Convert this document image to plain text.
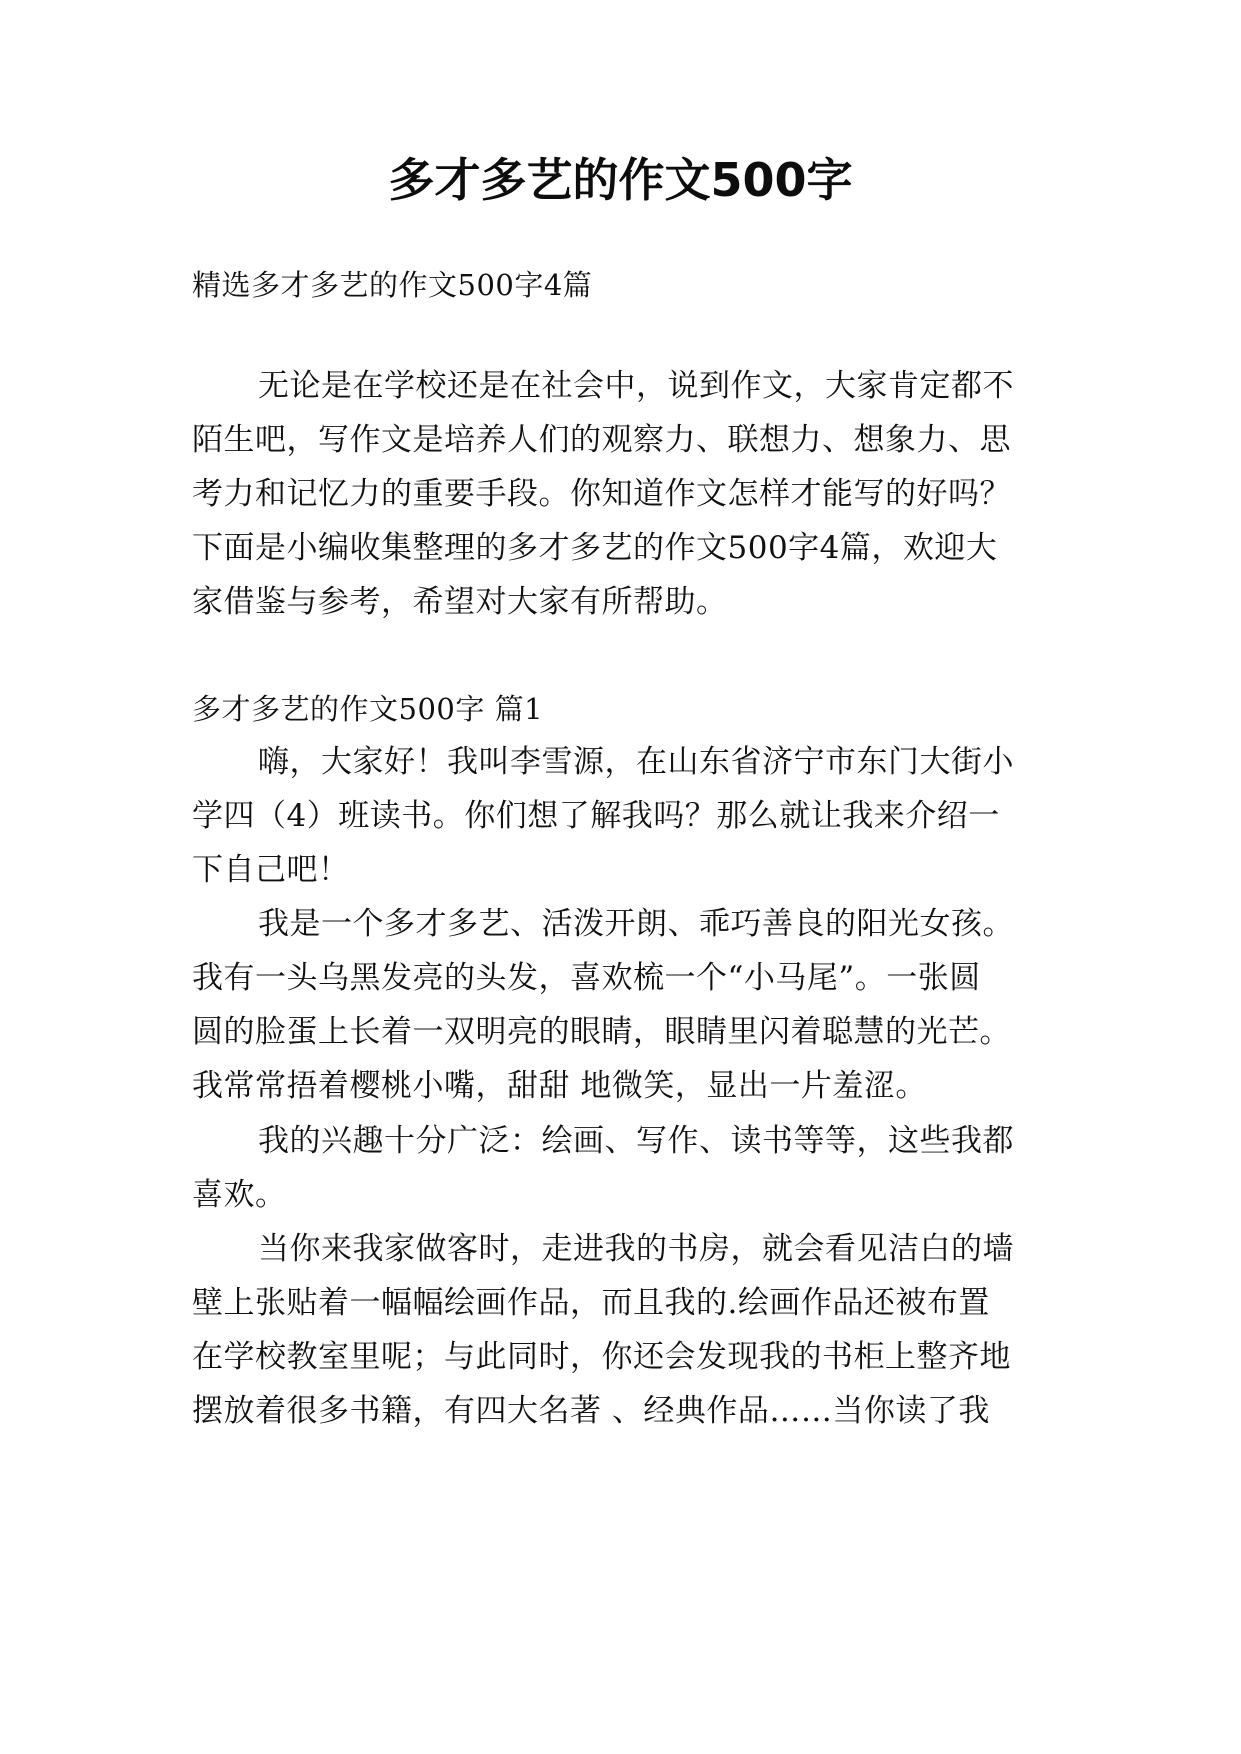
多才多艺的作文500字
精选多才多艺的作文500字4篇
无论是在学校还是在社会中，说到作文，大家肯定都不
陌生吧，写作文是培养人们的观察力、联想力、想象力、思
考力和记忆力的重要手段。你知道作文怎样才能写的好吗？
下面是小编收集整理的多才多艺的作文500字4篇，欢迎大
家借鉴与参考，希望对大家有所帮助。
多才多艺的作文500字 篇1
嗨，大家好！我叫李雪源，在山东省济宁市东门大街小
学四（4）班读书。你们想了解我吗？那么就让我来介绍一
下自己吧！
我是一个多才多艺、活泼开朗、乖巧善良的阳光女孩。
我有一头乌黑发亮的头发，喜欢梳一个“小马尾”。一张圆
圆的脸蛋上长着一双明亮的眼睛，眼睛里闪着聪慧的光芒。
我常常捂着樱桃小嘴，甜甜 地微笑，显出一片羞涩。
我的兴趣十分广泛：绘画、写作、读书等等，这些我都
喜欢。
当你来我家做客时，走进我的书房，就会看见洁白的墙
壁上张贴着一幅幅绘画作品，而且我的.绘画作品还被布置
在学校教室里呢；与此同时，你还会发现我的书柜上整齐地
摆放着很多书籍，有四大名著 、经典作品……当你读了我
